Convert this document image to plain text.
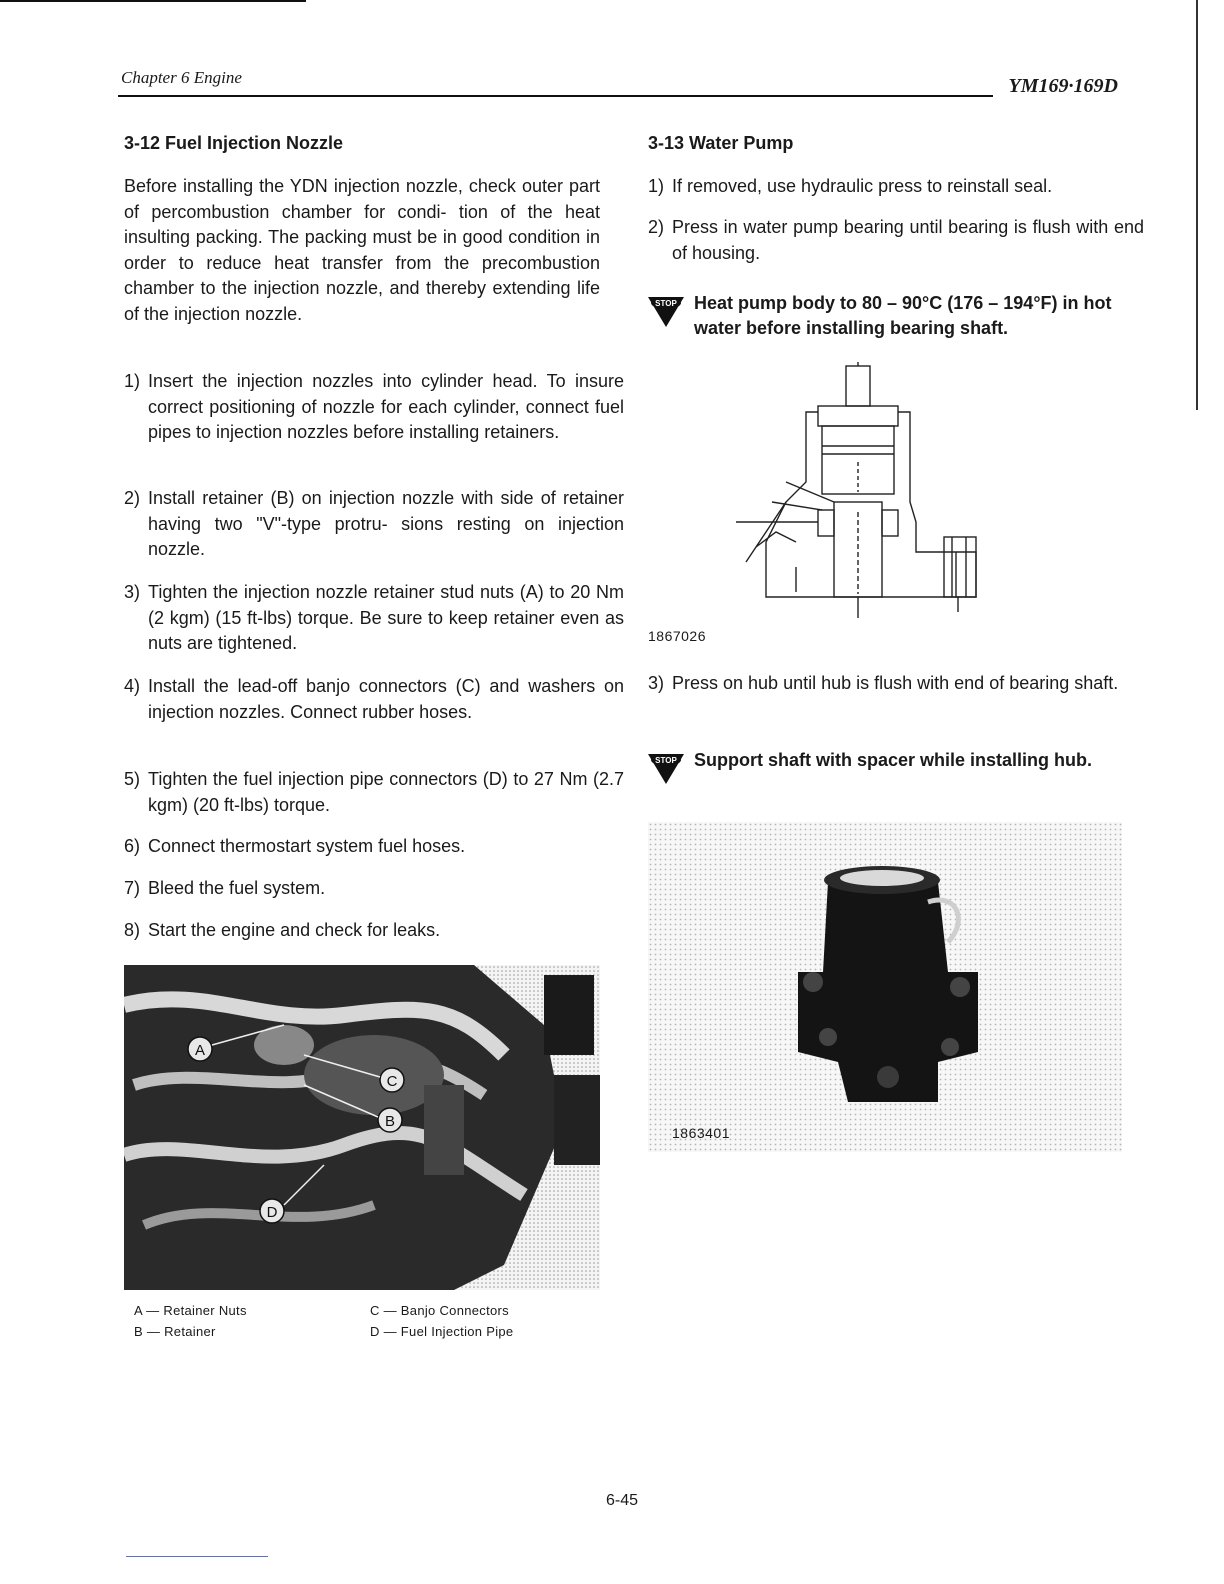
Chapter 6 Engine	YM169·169D
3-12 Fuel Injection Nozzle
Before installing the YDN injection nozzle, check outer part of percombustion chamber for condi- tion of the heat insulting packing. The packing must be in good condition in order to reduce heat transfer from the precombustion chamber to the injection nozzle, and thereby extending life of the injection nozzle.
1) Insert the injection nozzles into cylinder head. To insure correct positioning of nozzle for each cylinder, connect fuel pipes to injection nozzles before installing retainers.
2) Install retainer (B) on injection nozzle with side of retainer having two "V"-type protru- sions resting on injection nozzle.
3) Tighten the injection nozzle retainer stud nuts (A) to 20 Nm (2 kgm) (15 ft-lbs) torque. Be sure to keep retainer even as nuts are tightened.
4) Install the lead-off banjo connectors (C) and washers on injection nozzles. Connect rubber hoses.
5) Tighten the fuel injection pipe connectors (D) to 27 Nm (2.7 kgm) (20 ft-lbs) torque.
6) Connect thermostart system fuel hoses.
7) Bleed the fuel system.
8) Start the engine and check for leaks.
A
C
B
D
A — Retainer Nuts
B — Retainer
C — Banjo Connectors
D — Fuel Injection Pipe
3-13 Water Pump
1) If removed, use hydraulic press to reinstall seal.
2) Press in water pump bearing until bearing is flush with end of housing.
STOP Heat pump body to 80 – 90°C (176 – 194°F) in hot water before installing bearing shaft.
1867026
3) Press on hub until hub is flush with end of bearing shaft.
STOP Support shaft with spacer while installing hub.
1863401
6-45
